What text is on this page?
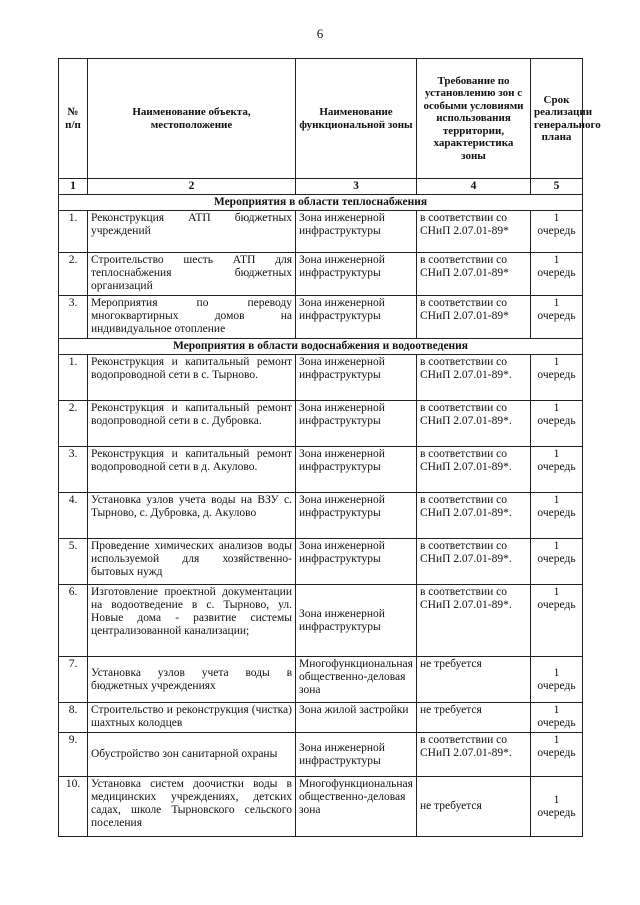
6
№ п/п	Наименование объекта, местоположение	Наименование функциональной зоны	Требование по установлению зон с особыми условиями использования территории, характеристика зоны	Срок реализации генерального плана
1	2	3	4	5
Мероприятия в области теплоснабжения				
1.	Реконструкция АТП бюджетных учреждений	Зона инженерной инфраструктуры	в соответствии со СНиП 2.07.01-89*	1 очередь
2.	Строительство шесть АТП для теплоснабжения бюджетных организаций	Зона инженерной инфраструктуры	в соответствии со СНиП 2.07.01-89*	1 очередь
3.	Мероприятия по переводу многоквартирных домов на индивидуальное отопление	Зона инженерной инфраструктуры	в соответствии со СНиП 2.07.01-89*	1 очередь
Мероприятия в области водоснабжения и водоотведения				
1.	Реконструкция и капитальный ремонт водопроводной сети в с. Тырново.	Зона инженерной инфраструктуры	в соответствии со СНиП 2.07.01-89*.	1 очередь
2.	Реконструкция и капитальный ремонт водопроводной сети в с. Дубровка.	Зона инженерной инфраструктуры	в соответствии со СНиП 2.07.01-89*.	1 очередь
3.	Реконструкция и капитальный ремонт водопроводной сети в д. Акулово.	Зона инженерной инфраструктуры	в соответствии со СНиП 2.07.01-89*.	1 очередь
4.	Установка узлов учета воды на ВЗУ с. Тырново, с. Дубровка, д. Акулово	Зона инженерной инфраструктуры	в соответствии со СНиП 2.07.01-89*.	1 очередь
5.	Проведение химических анализов воды используемой для хозяйственно-бытовых нужд	Зона инженерной инфраструктуры	в соответствии со СНиП 2.07.01-89*.	1 очередь
6.	Изготовление проектной документации на водоотведение в с. Тырново, ул. Новые дома - развитие системы централизованной канализации;	Зона инженерной инфраструктуры	в соответствии со СНиП 2.07.01-89*.	1 очередь
7.	Установка узлов учета воды в бюджетных учреждениях	Многофункциональная общественно-деловая зона	не требуется	1 очередь
8.	Строительство и реконструкция (чистка) шахтных колодцев	Зона жилой застройки	не требуется	1 очередь
9.	Обустройство зон санитарной охраны	Зона инженерной инфраструктуры	в соответствии со СНиП 2.07.01-89*.	1 очередь
10.	Установка систем доочистки воды в медицинских учреждениях, детских садах, школе Тырновского сельского поселения	Многофункциональная общественно-деловая зона	не требуется	1 очередь
